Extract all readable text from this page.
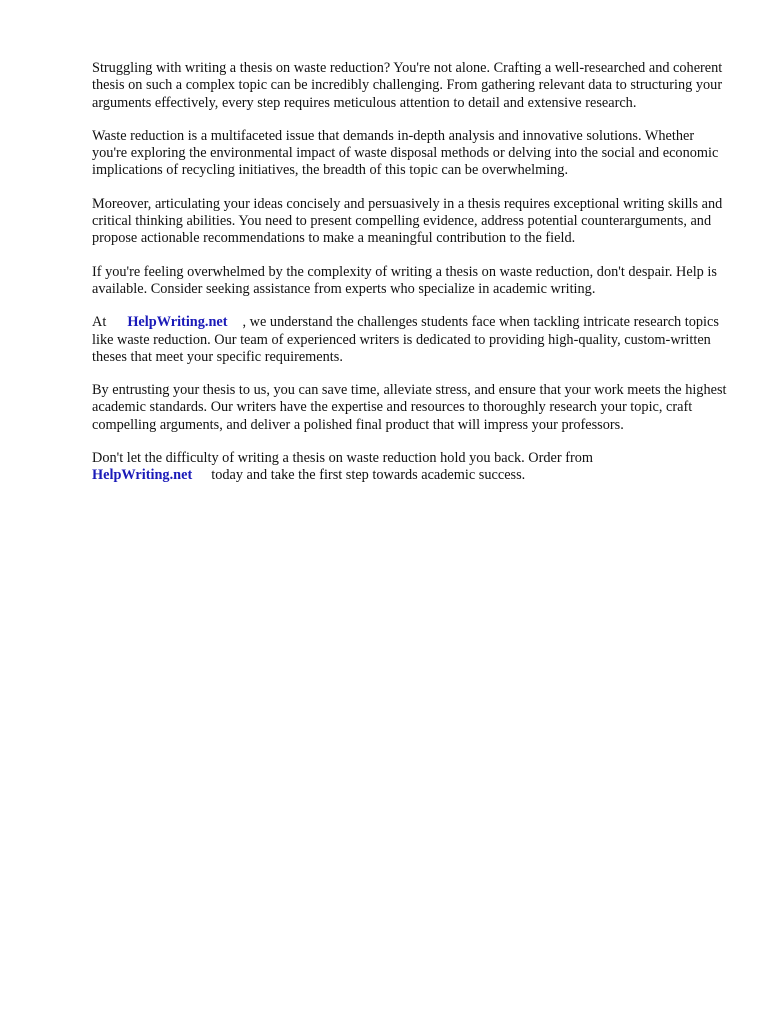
Struggling with writing a thesis on waste reduction? You're not alone. Crafting a well-researched and coherent thesis on such a complex topic can be incredibly challenging. From gathering relevant data to structuring your arguments effectively, every step requires meticulous attention to detail and extensive research.

Waste reduction is a multifaceted issue that demands in-depth analysis and innovative solutions. Whether you're exploring the environmental impact of waste disposal methods or delving into the social and economic implications of recycling initiatives, the breadth of this topic can be overwhelming.

Moreover, articulating your ideas concisely and persuasively in a thesis requires exceptional writing skills and critical thinking abilities. You need to present compelling evidence, address potential counterarguments, and propose actionable recommendations to make a meaningful contribution to the field.

If you're feeling overwhelmed by the complexity of writing a thesis on waste reduction, don't despair. Help is available. Consider seeking assistance from experts who specialize in academic writing.

At HelpWriting.net , we understand the challenges students face when tackling intricate research topics like waste reduction. Our team of experienced writers is dedicated to providing high-quality, custom-written theses that meet your specific requirements.

By entrusting your thesis to us, you can save time, alleviate stress, and ensure that your work meets the highest academic standards. Our writers have the expertise and resources to thoroughly research your topic, craft compelling arguments, and deliver a polished final product that will impress your professors.

Don't let the difficulty of writing a thesis on waste reduction hold you back. Order from
HelpWriting.net today and take the first step towards academic success.
